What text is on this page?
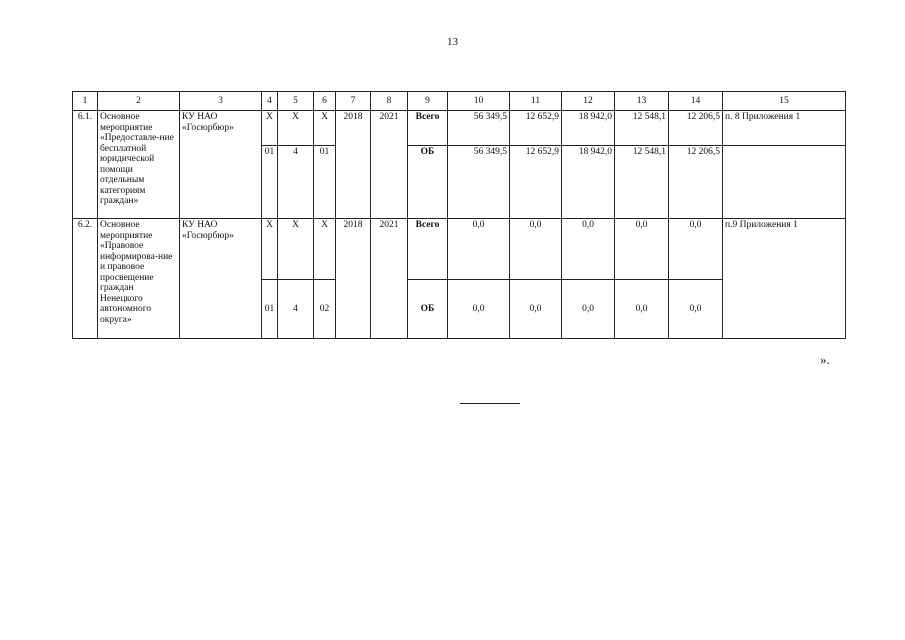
13
1	2	3	4	5	6	7	8	9	10	11	12	13	14	15
6.1.	Основное мероприятие «Предоставле-ние бесплатной юридической помощи отдельным категориям граждан»	КУ НАО «Госюрбюр»	Х	Х	Х	2018	2021	Всего	56 349,5	12 652,9	18 942,0	12 548,1	12 206,5	п. 8 Приложения 1
			01	4	01			ОБ	56 349,5	12 652,9	18 942,0	12 548,1	12 206,5	
6.2.	Основное мероприятие «Правовое информирова-ние и правовое просвещение граждан Ненецкого автономного округа»	КУ НАО «Госюрбюр»	Х	Х	Х	2018	2021	Всего	0,0	0,0	0,0	0,0	0,0	п.9 Приложения 1
			01	4	02			ОБ	0,0	0,0	0,0	0,0	0,0	
».
